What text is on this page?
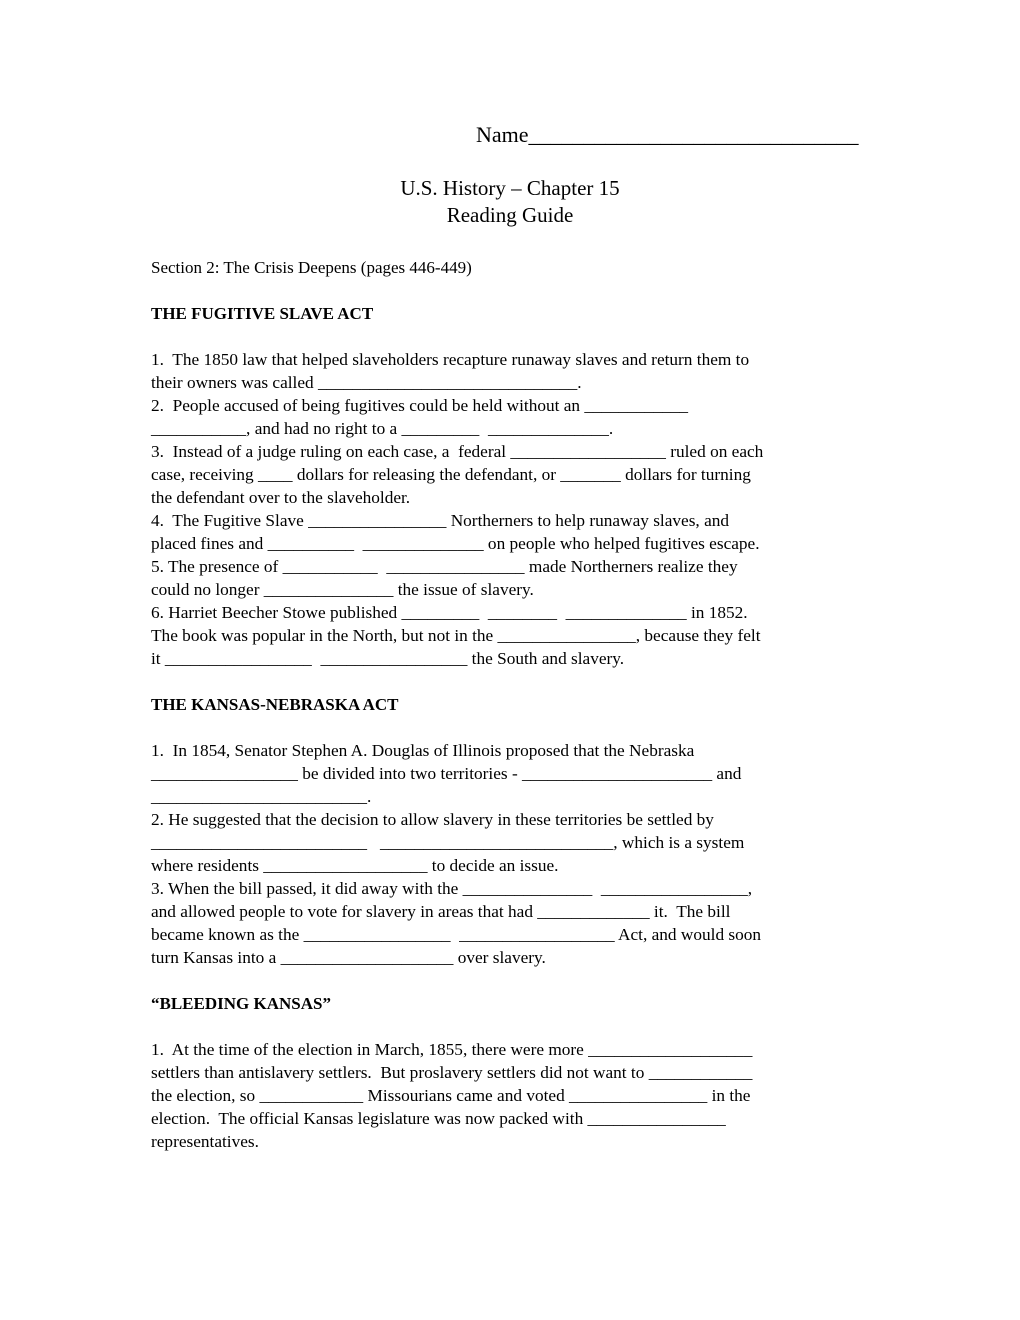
Name______________________________
U.S. History – Chapter 15
Reading Guide
Section 2: The Crisis Deepens (pages 446-449)
THE FUGITIVE SLAVE ACT
1.  The 1850 law that helped slaveholders recapture runaway slaves and return them to
their owners was called ______________________________.
2.  People accused of being fugitives could be held without an ____________
___________, and had no right to a _________  ______________.
3.  Instead of a judge ruling on each case, a  federal __________________ ruled on each
case, receiving ____ dollars for releasing the defendant, or _______ dollars for turning
the defendant over to the slaveholder.
4.  The Fugitive Slave ________________ Northerners to help runaway slaves, and
placed fines and __________  ______________ on people who helped fugitives escape.
5. The presence of ___________  ________________ made Northerners realize they
could no longer _______________ the issue of slavery.
6. Harriet Beecher Stowe published _________  ________  ______________ in 1852.
The book was popular in the North, but not in the ________________, because they felt
it _________________  _________________ the South and slavery.
THE KANSAS-NEBRASKA ACT
1.  In 1854, Senator Stephen A. Douglas of Illinois proposed that the Nebraska
_________________ be divided into two territories - ______________________ and
_________________________.
2. He suggested that the decision to allow slavery in these territories be settled by
_________________________   ___________________________, which is a system
where residents ___________________ to decide an issue.
3. When the bill passed, it did away with the _______________  _________________,
and allowed people to vote for slavery in areas that had _____________ it.  The bill
became known as the _________________  __________________ Act, and would soon
turn Kansas into a ____________________ over slavery.
“BLEEDING KANSAS”
1.  At the time of the election in March, 1855, there were more ___________________
settlers than antislavery settlers.  But proslavery settlers did not want to ____________
the election, so ____________ Missourians came and voted ________________ in the
election.  The official Kansas legislature was now packed with ________________
representatives.
